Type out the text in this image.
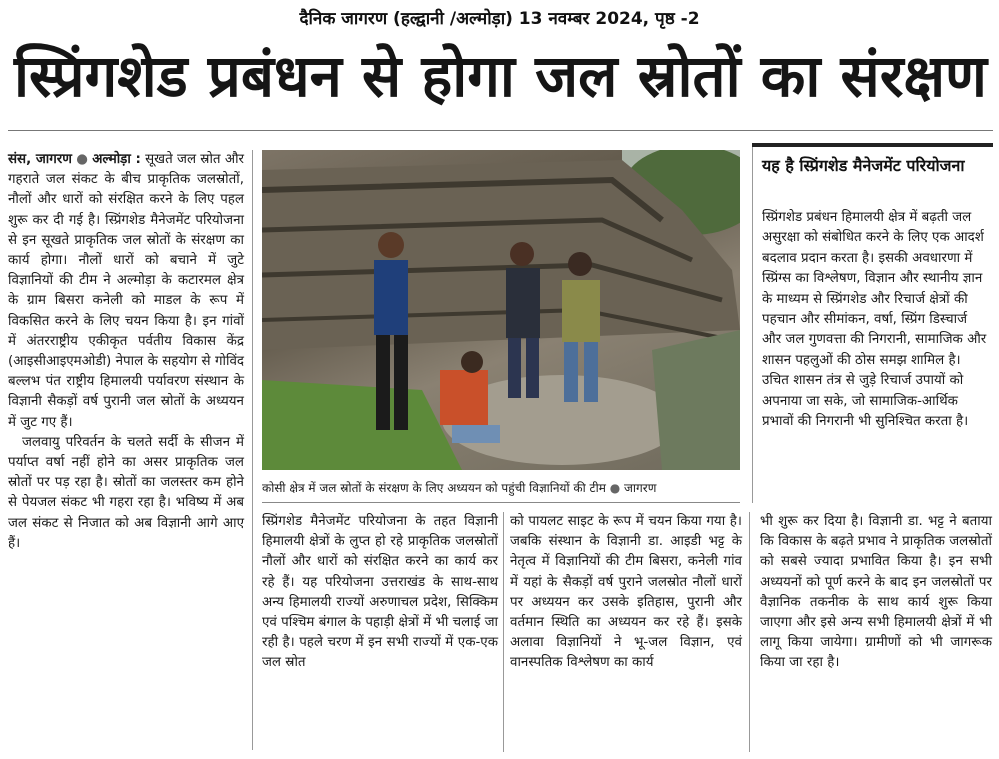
दैनिक जागरण (हल्द्वानी /अल्मोड़ा) 13 नवम्बर 2024, पृष्ठ -2
स्प्रिंगशेड प्रबंधन से होगा जल स्रोतों का संरक्षण

संस, जागरण ● अल्मोड़ा : सूखते जल स्रोत और गहराते जल संकट के बीच प्राकृतिक जलस्रोतों, नौलों और धारों को संरक्षित करने के लिए पहल शुरू कर दी गई है। स्प्रिंगशेड मैनेजमेंट परियोजना से इन सूखते प्राकृतिक जल स्रोतों के संरक्षण का कार्य होगा। नौलों धारों को बचाने में जुटे विज्ञानियों की टीम ने अल्मोड़ा के कटारमल क्षेत्र के ग्राम बिसरा कनेली को माडल के रूप में विकसित करने के लिए चयन किया है। इन गांवों में अंतरराष्ट्रीय एकीकृत पर्वतीय विकास केंद्र (आइसीआइएमओडी) नेपाल के सहयोग से गोविंद बल्लभ पंत राष्ट्रीय हिमालयी पर्यावरण संस्थान के विज्ञानी सैकड़ों वर्ष पुरानी जल स्रोतों के अध्ययन में जुट गए हैं।

जलवायु परिवर्तन के चलते सर्दी के सीजन में पर्याप्त वर्षा नहीं होने का असर प्राकृतिक जल स्रोतों पर पड़ रहा है। स्रोतों का जलस्तर कम होने से पेयजल संकट भी गहरा रहा है। भविष्य में अब जल संकट से निजात को अब विज्ञानी आगे आए हैं।

कोसी क्षेत्र में जल स्रोतों के संरक्षण के लिए अध्ययन को पहुंची विज्ञानियों की टीम ● जागरण

स्प्रिंगशेड मैनेजमेंट परियोजना के तहत विज्ञानी हिमालयी क्षेत्रों के लुप्त हो रहे प्राकृतिक जलस्रोतों नौलों और धारों को संरक्षित करने का कार्य कर रहे हैं। यह परियोजना उत्तराखंड के साथ-साथ अन्य हिमालयी राज्यों अरुणाचल प्रदेश, सिक्किम एवं पश्चिम बंगाल के पहाड़ी क्षेत्रों में भी चलाई जा रही है। पहले चरण में इन सभी राज्यों में एक-एक जल स्रोत

को पायलट साइट के रूप में चयन किया गया है। जबकि संस्थान के विज्ञानी डा. आइडी भट्ट के नेतृत्व में विज्ञानियों की टीम बिसरा, कनेली गांव में यहां के सैकड़ों वर्ष पुराने जलस्रोत नौलों धारों पर अध्ययन कर उसके इतिहास, पुरानी और वर्तमान स्थिति का अध्ययन कर रहे हैं। इसके अलावा विज्ञानियों ने भू-जल विज्ञान, एवं वानस्पतिक विश्लेषण का कार्य

भी शुरू कर दिया है। विज्ञानी डा. भट्ट ने बताया कि विकास के बढ़ते प्रभाव ने प्राकृतिक जलस्रोतों को सबसे ज्यादा प्रभावित किया है। इन सभी अध्ययनों को पूर्ण करने के बाद इन जलस्रोतों पर वैज्ञानिक तकनीक के साथ कार्य शुरू किया जाएगा और इसे अन्य सभी हिमालयी क्षेत्रों में भी लागू किया जायेगा। ग्रामीणों को भी जागरूक किया जा रहा है।

यह है स्प्रिंगशेड मैनेजमेंट परियोजना
स्प्रिंगशेड प्रबंधन हिमालयी क्षेत्र में बढ़ती जल असुरक्षा को संबोधित करने के लिए एक आदर्श बदलाव प्रदान करता है। इसकी अवधारणा में स्प्रिंग्स का विश्लेषण, विज्ञान और स्थानीय ज्ञान के माध्यम से स्प्रिंगशेड और रिचार्ज क्षेत्रों की पहचान और सीमांकन, वर्षा, स्प्रिंग डिस्चार्ज और जल गुणवत्ता की निगरानी, सामाजिक और शासन पहलुओं की ठोस समझ शामिल है। उचित शासन तंत्र से जुड़े रिचार्ज उपायों को अपनाया जा सके, जो सामाजिक-आर्थिक प्रभावों की निगरानी भी सुनिश्चित करता है।
